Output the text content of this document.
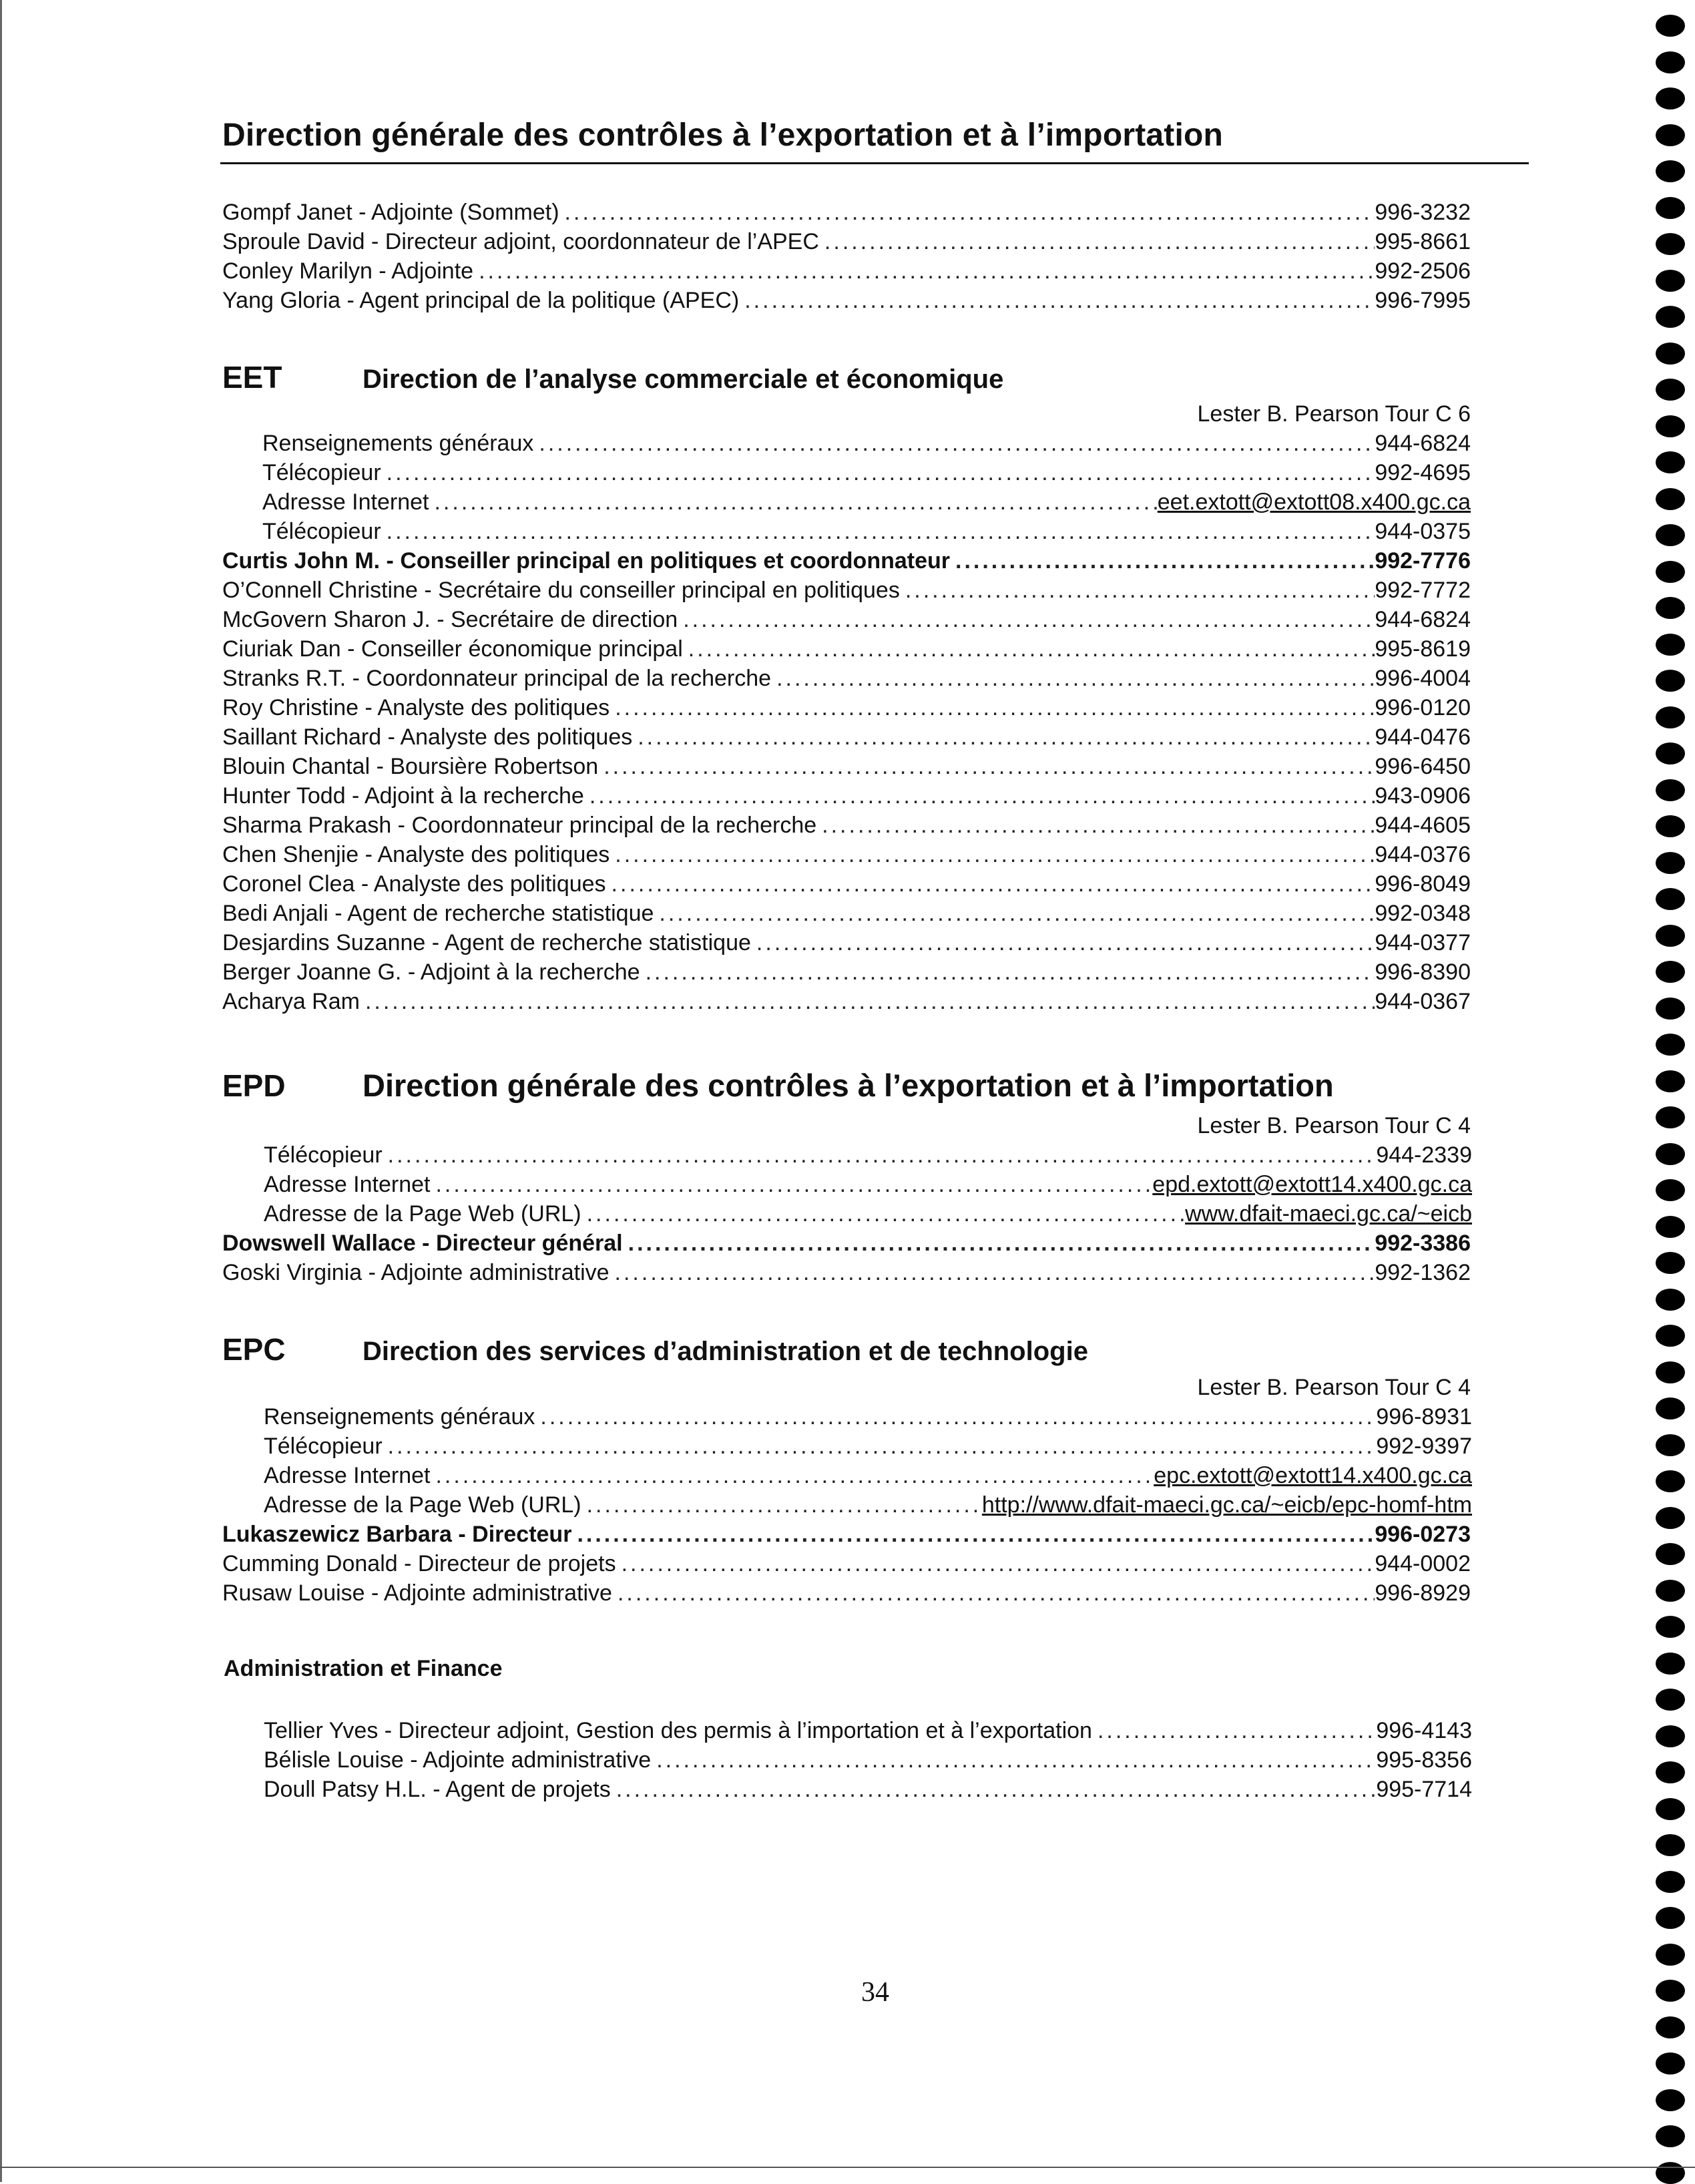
Direction générale des contrôles à l’exportation et à l’importation
Gompf Janet - Adjointe (Sommet) .....	996-3232
Sproule David - Directeur adjoint, coordonnateur de l’APEC .....	995-8661
Conley Marilyn - Adjointe .....	992-2506
Yang Gloria - Agent principal de la politique (APEC) .....	996-7995
EET	Direction de l’analyse commerciale et économique
Lester B. Pearson Tour C 6
Renseignements généraux .....	944-6824
Télécopieur .....	992-4695
Adresse Internet .....	eet.extott@extott08.x400.gc.ca
Télécopieur .....	944-0375
Curtis John M. - Conseiller principal en politiques et coordonnateur .....	992-7776
O’Connell Christine - Secrétaire du conseiller principal en politiques .....	992-7772
McGovern Sharon J. - Secrétaire de direction .....	944-6824
Ciuriak Dan - Conseiller économique principal .....	995-8619
Stranks R.T. - Coordonnateur principal de la recherche .....	996-4004
Roy Christine - Analyste des politiques .....	996-0120
Saillant Richard - Analyste des politiques .....	944-0476
Blouin Chantal - Boursière Robertson .....	996-6450
Hunter Todd - Adjoint à la recherche .....	943-0906
Sharma Prakash - Coordonnateur principal de la recherche .....	944-4605
Chen Shenjie - Analyste des politiques .....	944-0376
Coronel Clea - Analyste des politiques .....	996-8049
Bedi Anjali - Agent de recherche statistique .....	992-0348
Desjardins Suzanne - Agent de recherche statistique .....	944-0377
Berger Joanne G. - Adjoint à la recherche .....	996-8390
Acharya Ram .....	944-0367
EPD	Direction générale des contrôles à l’exportation et à l’importation
Lester B. Pearson Tour C 4
Télécopieur .....	944-2339
Adresse Internet .....	epd.extott@extott14.x400.gc.ca
Adresse de la Page Web (URL) .....	www.dfait-maeci.gc.ca/~eicb
Dowswell Wallace - Directeur général .....	992-3386
Goski Virginia - Adjointe administrative .....	992-1362
EPC	Direction des services d’administration et de technologie
Lester B. Pearson Tour C 4
Renseignements généraux .....	996-8931
Télécopieur .....	992-9397
Adresse Internet .....	epc.extott@extott14.x400.gc.ca
Adresse de la Page Web (URL) .....	http://www.dfait-maeci.gc.ca/~eicb/epc-homf-htm
Lukaszewicz Barbara - Directeur .....	996-0273
Cumming Donald - Directeur de projets .....	944-0002
Rusaw Louise - Adjointe administrative .....	996-8929
Administration et Finance
Tellier Yves - Directeur adjoint, Gestion des permis à l’importation et à l’exportation .....	996-4143
Bélisle Louise - Adjointe administrative .....	995-8356
Doull Patsy H.L. - Agent de projets .....	995-7714
34
